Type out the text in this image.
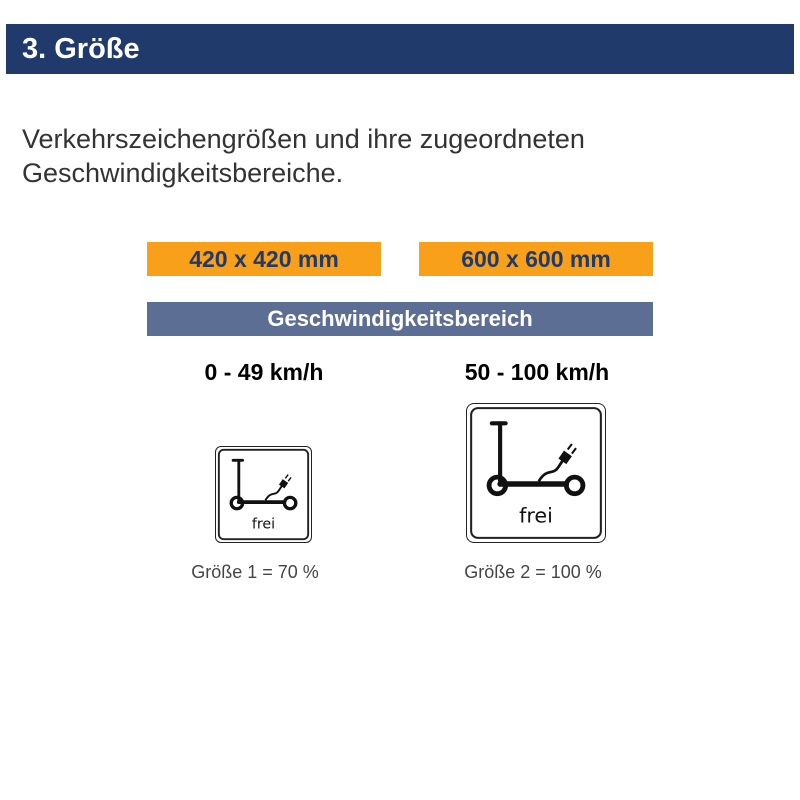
3. Größe
Verkehrszeichengrößen und ihre zugeordneten Geschwindigkeitsbereiche.
420 x 420 mm	600 x 600 mm
Geschwindigkeitsbereich
0 - 49 km/h	50 - 100 km/h
frei	frei
Größe 1 = 70 %	Größe 2 = 100 %
